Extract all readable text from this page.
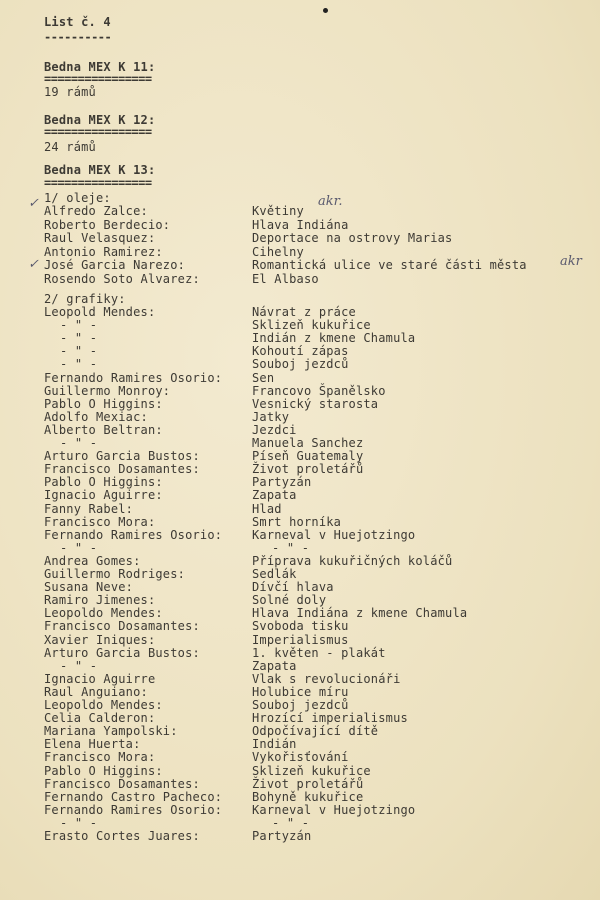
List č. 4
----------
Bedna MEX K 11:
================
19 rámů
Bedna MEX K 12:
================
24 rámů
Bedna MEX K 13:
================
1/ oleje:
Alfredo Zalce:	Květiny
Roberto Berdecio:	Hlava Indiána
Raul Velasquez:	Deportace na ostrovy Marias
Antonio Ramirez:	Cihelny
José Garcia Narezo:	Romantická ulice ve staré části města
Rosendo Soto Alvarez:	El Albaso
2/ grafiky:
Leopold Mendes:	Návrat z práce
- " -	Sklizeň kukuřice
- " -	Indián z kmene Chamula
- " -	Kohoutí zápas
- " -	Souboj jezdců
Fernando Ramires Osorio: Sen
Guillermo Monroy:	Francovo Španělsko
Pablo O Higgins:	Vesnický starosta
Adolfo Mexiac:	Jatky
Alberto Beltran:	Jezdci
- " -	Manuela Sanchez
Arturo Garcia Bustos:	Píseň Guatemaly
Francisco Dosamantes:	Život proletářů
Pablo O Higgins:	Partyzán
Ignacio Aguirre:	Zapata
Fanny Rabel:	Hlad
Francisco Mora:	Smrt horníka
Fernando Ramires Osorio: Karneval v Huejotzingo
- " -	- " -
Andrea Gomes:	Příprava kukuřičných koláčů
Guillermo Rodriges:	Sedlák
Susana Neve:	Dívčí hlava
Ramiro Jimenes:	Solné doly
Leopoldo Mendes:	Hlava Indiána z kmene Chamula
Francisco Dosamantes:	Svoboda tisku
Xavier Iniques:	Imperialismus
Arturo Garcia Bustos:	1. květen - plakát
- " -	Zapata
Ignacio Aguirre	Vlak s revolucionáři
Raul Anguiano:	Holubice míru
Leopoldo Mendes:	Souboj jezdců
Celia Calderon:	Hrozící imperialismus
Mariana Yampolski:	Odpočívající dítě
Elena Huerta:	Indián
Francisco Mora:	Vykořisťování
Pablo O Higgins:	Sklizeň kukuřice
Francisco Dosamantes:	Život proletářů
Fernando Castro Pacheco: Bohyně kukuřice
Fernando Ramires Osorio: Karneval v Huejotzingo
- " -	- " -
Erasto Cortes Juares:	Partyzán
akr.
akr
✓
✓
